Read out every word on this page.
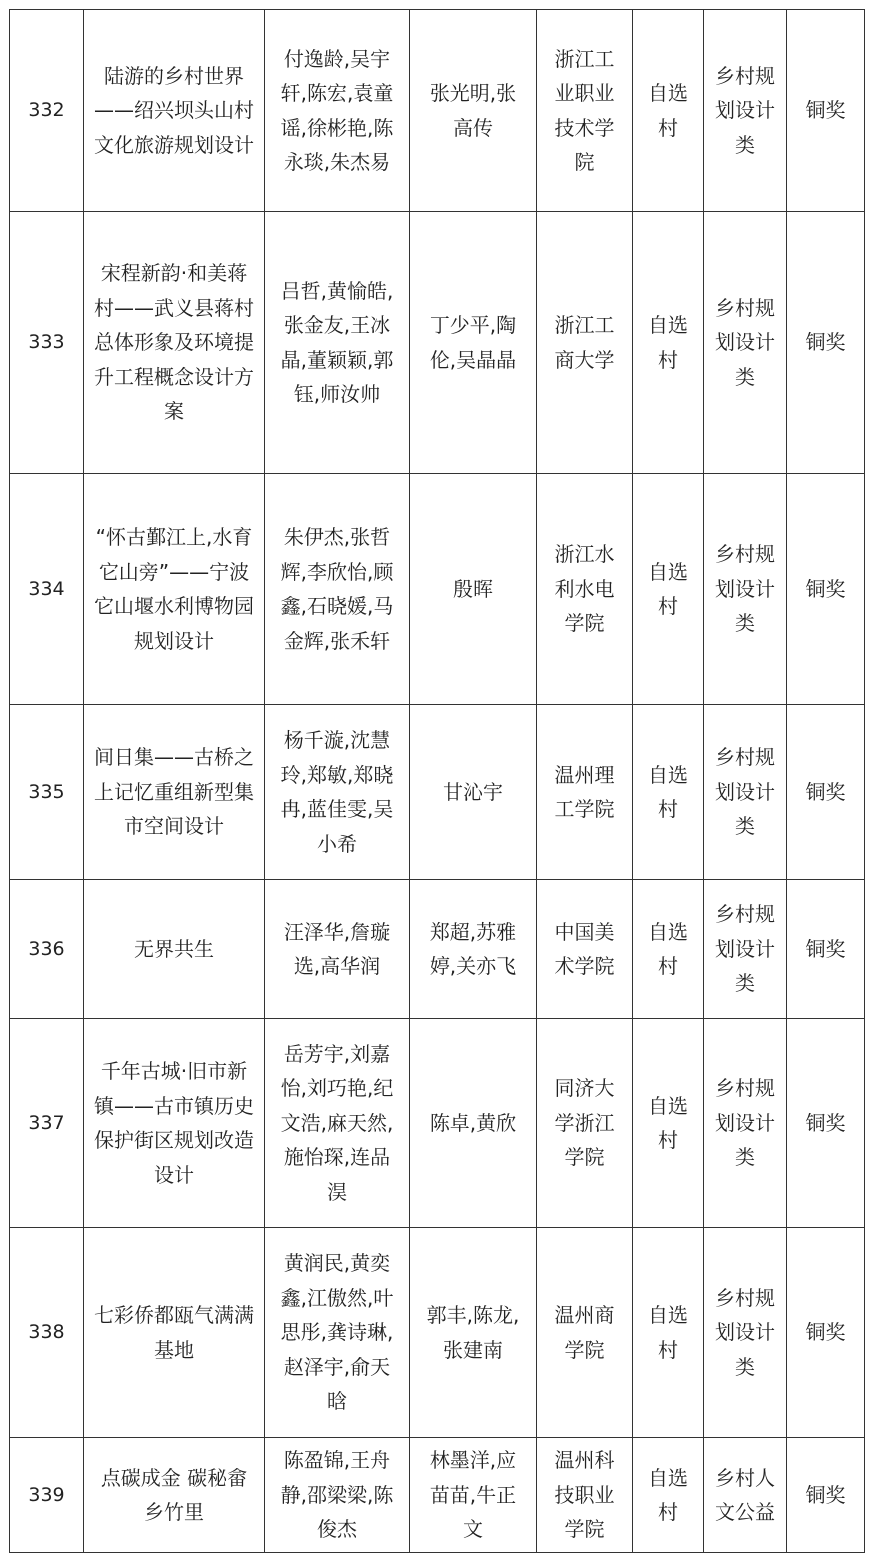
332	陆游的乡村世界——绍兴坝头山村文化旅游规划设计	付逸龄,吴宇轩,陈宏,袁童谣,徐彬艳,陈永琰,朱杰易	张光明,张高传	浙江工业职业技术学院	自选村	乡村规划设计类	铜奖
333	宋程新韵·和美蒋村——武义县蒋村总体形象及环境提升工程概念设计方案	吕哲,黄愉皓,张金友,王冰晶,董颖颖,郭钰,师汝帅	丁少平,陶伦,吴晶晶	浙江工商大学	自选村	乡村规划设计类	铜奖
334	“怀古鄞江上,水育它山旁”——宁波它山堰水利博物园规划设计	朱伊杰,张哲辉,李欣怡,顾鑫,石晓媛,马金辉,张禾轩	殷晖	浙江水利水电学院	自选村	乡村规划设计类	铜奖
335	间日集——古桥之上记忆重组新型集市空间设计	杨千漩,沈慧玲,郑敏,郑晓冉,蓝佳雯,吴小希	甘沁宇	温州理工学院	自选村	乡村规划设计类	铜奖
336	无界共生	汪泽华,詹璇选,高华润	郑超,苏雅婷,关亦飞	中国美术学院	自选村	乡村规划设计类	铜奖
337	千年古城·旧市新镇——古市镇历史保护街区规划改造设计	岳芳宇,刘嘉怡,刘巧艳,纪文浩,麻天然,施怡琛,连品淏	陈卓,黄欣	同济大学浙江学院	自选村	乡村规划设计类	铜奖
338	七彩侨都瓯气满满基地	黄润民,黄奕鑫,江傲然,叶思彤,龚诗琳,赵泽宇,俞天晗	郭丰,陈龙,张建南	温州商学院	自选村	乡村规划设计类	铜奖
339	点碳成金 碳秘畲乡竹里	陈盈锦,王舟静,邵梁梁,陈俊杰	林墨洋,应苗苗,牛正文	温州科技职业学院	自选村	乡村人文公益	铜奖
